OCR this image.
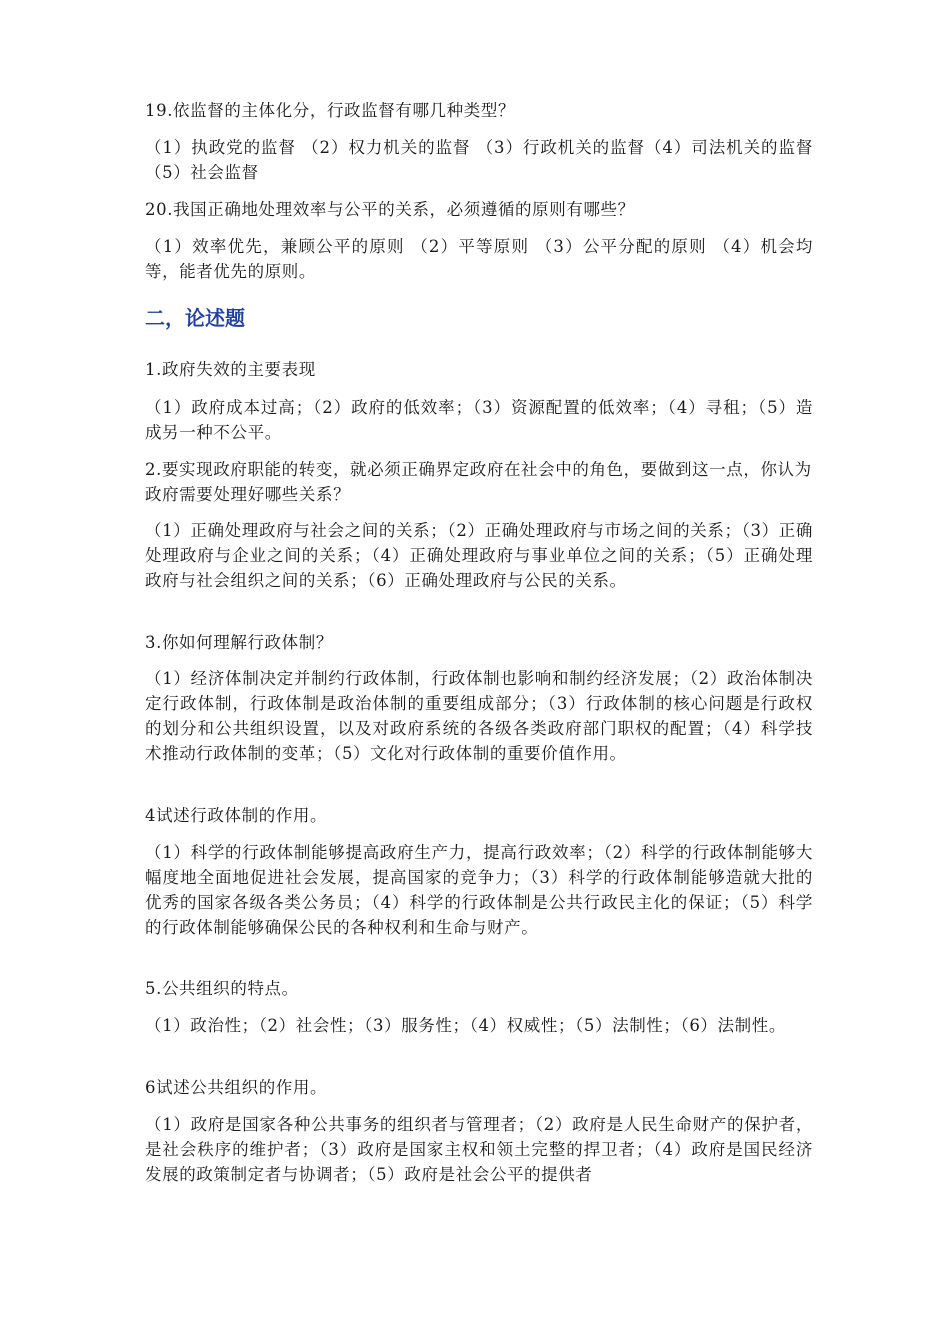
19.依监督的主体化分，行政监督有哪几种类型？

（1）执政党的监督 （2）权力机关的监督 （3）行政机关的监督（4）司法机关的监督（5）社会监督

20.我国正确地处理效率与公平的关系，必须遵循的原则有哪些？

（1）效率优先，兼顾公平的原则 （2）平等原则 （3）公平分配的原则 （4）机会均等，能者优先的原则。

二，论述题

1.政府失效的主要表现

（1）政府成本过高；（2）政府的低效率；（3）资源配置的低效率；（4）寻租；（5）造成另一种不公平。

2.要实现政府职能的转变，就必须正确界定政府在社会中的角色，要做到这一点，你认为政府需要处理好哪些关系？

（1）正确处理政府与社会之间的关系；（2）正确处理政府与市场之间的关系；（3）正确处理政府与企业之间的关系；（4）正确处理政府与事业单位之间的关系；（5）正确处理政府与社会组织之间的关系；（6）正确处理政府与公民的关系。

3.你如何理解行政体制？

（1）经济体制决定并制约行政体制，行政体制也影响和制约经济发展；（2）政治体制决定行政体制，行政体制是政治体制的重要组成部分；（3）行政体制的核心问题是行政权的划分和公共组织设置，以及对政府系统的各级各类政府部门职权的配置；（4）科学技术推动行政体制的变革；（5）文化对行政体制的重要价值作用。

4试述行政体制的作用。

（1）科学的行政体制能够提高政府生产力，提高行政效率；（2）科学的行政体制能够大幅度地全面地促进社会发展，提高国家的竞争力；（3）科学的行政体制能够造就大批的优秀的国家各级各类公务员；（4）科学的行政体制是公共行政民主化的保证；（5）科学的行政体制能够确保公民的各种权利和生命与财产。

5.公共组织的特点。

（1）政治性；（2）社会性；（3）服务性；（4）权威性；（5）法制性；（6）法制性。

6试述公共组织的作用。

（1）政府是国家各种公共事务的组织者与管理者；（2）政府是人民生命财产的保护者，是社会秩序的维护者；（3）政府是国家主权和领土完整的捍卫者；（4）政府是国民经济发展的政策制定者与协调者；（5）政府是社会公平的提供者
